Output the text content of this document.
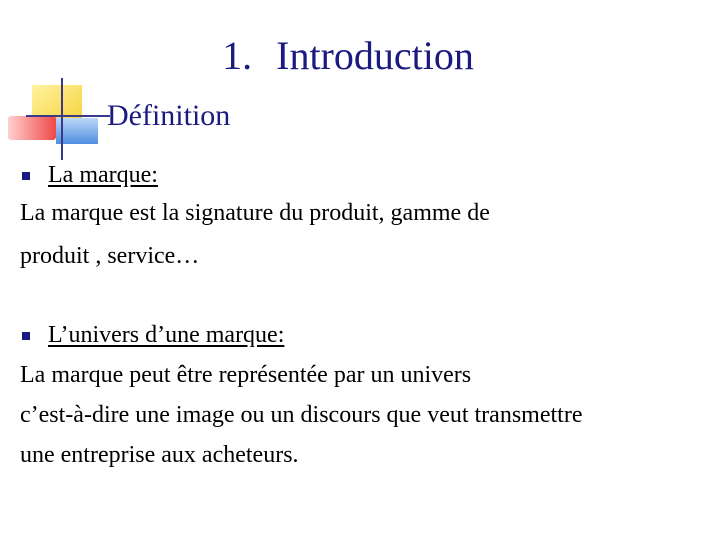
1. Introduction
Définition
La marque:
La marque est la signature du produit, gamme de
produit , service…
L’univers d’une marque:
La marque peut être représentée par un univers
c’est-à-dire une image ou un discours que veut transmettre
une entreprise aux acheteurs.
